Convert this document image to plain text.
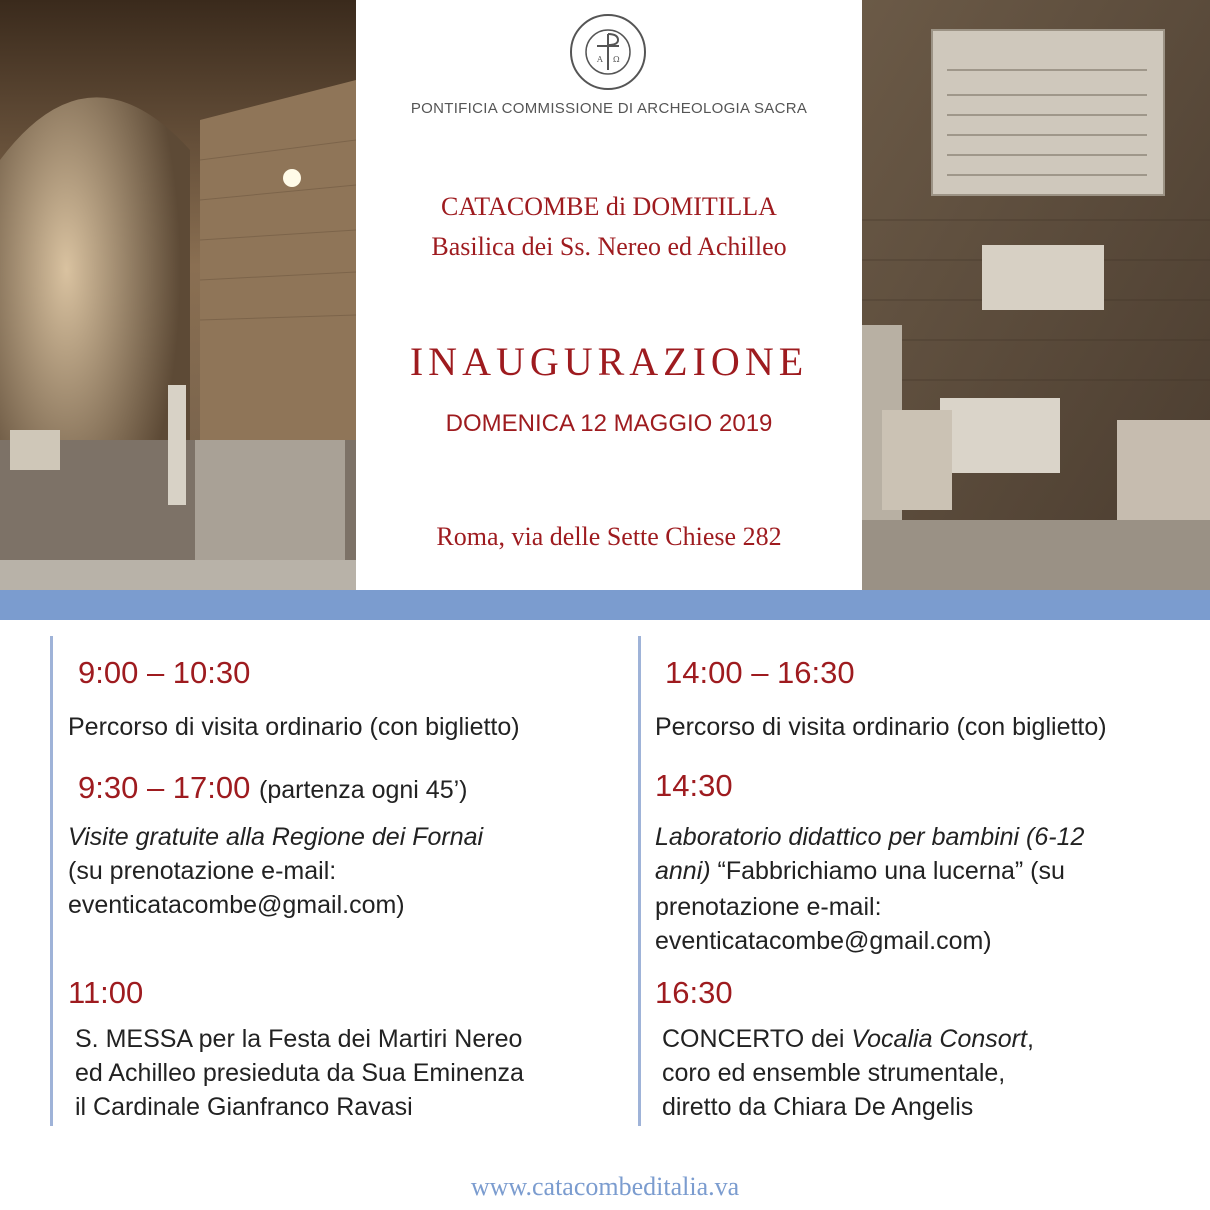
A Ω
PONTIFICIA COMMISSIONE DI ARCHEOLOGIA SACRA
CATACOMBE di DOMITILLA
Basilica dei Ss. Nereo ed Achilleo
INAUGURAZIONE
DOMENICA 12 MAGGIO 2019
Roma, via delle Sette Chiese 282
9:00 – 10:30
Percorso di visita ordinario (con biglietto)
9:30 – 17:00 (partenza ogni 45’)
Visite gratuite alla Regione dei Fornai
(su prenotazione e-mail:
eventicatacombe@gmail.com)
11:00
S. MESSA per la Festa dei Martiri Nereo
ed Achilleo presieduta da Sua Eminenza
il Cardinale Gianfranco Ravasi
14:00 – 16:30
Percorso di visita ordinario (con biglietto)
14:30
Laboratorio didattico per bambini (6-12
anni) “Fabbrichiamo una lucerna” (su
prenotazione e-mail:
eventicatacombe@gmail.com)
16:30
CONCERTO dei Vocalia Consort,
coro ed ensemble strumentale,
diretto da Chiara De Angelis
www.catacombeditalia.va
